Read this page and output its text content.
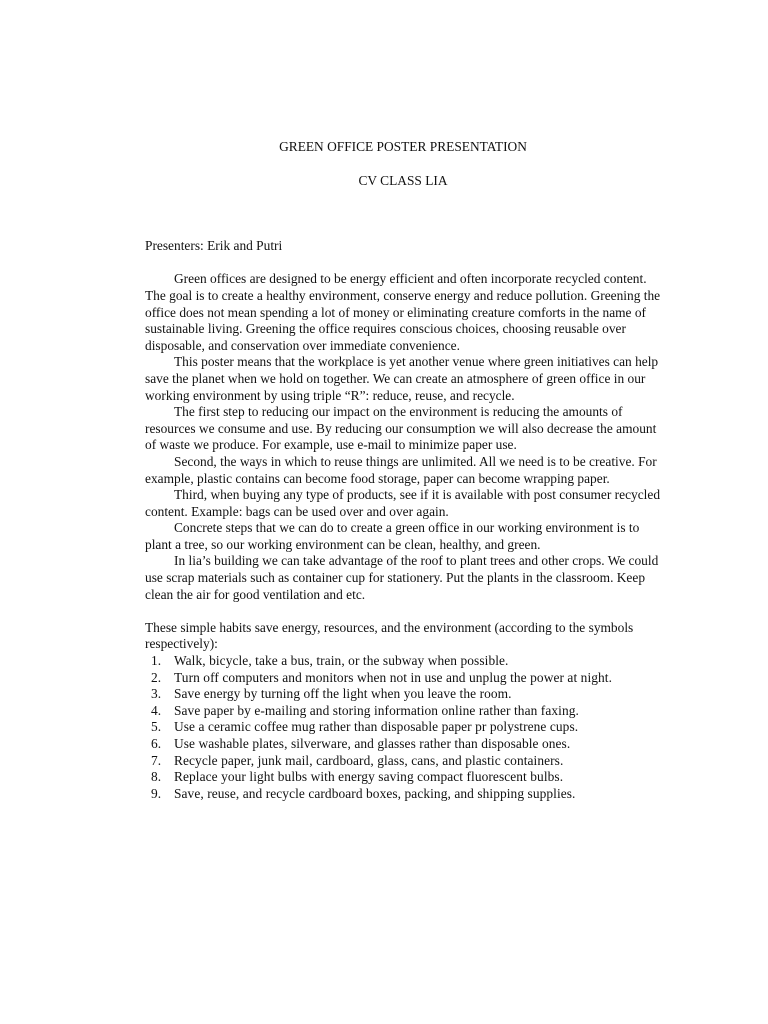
GREEN OFFICE POSTER PRESENTATION

CV CLASS LIA

Presenters: Erik and Putri

Green offices are designed to be energy efficient and often incorporate recycled content. The goal is to create a healthy environment, conserve energy and reduce pollution. Greening the office does not mean spending a lot of money or eliminating creature comforts in the name of sustainable living. Greening the office requires conscious choices, choosing reusable over disposable, and conservation over immediate convenience.

This poster means that the workplace is yet another venue where green initiatives can help save the planet when we hold on together. We can create an atmosphere of green office in our working environment by using triple “R”: reduce, reuse, and recycle.

The first step to reducing our impact on the environment is reducing the amounts of resources we consume and use. By reducing our consumption we will also decrease the amount of waste we produce. For example, use e-mail to minimize paper use.

Second, the ways in which to reuse things are unlimited. All we need is to be creative. For example, plastic contains can become food storage, paper can become wrapping paper.

Third, when buying any type of products, see if it is available with post consumer recycled content. Example: bags can be used over and over again.

Concrete steps that we can do to create a green office in our working environment is to plant a tree, so our working environment can be clean, healthy, and green.

In lia’s building we can take advantage of the roof to plant trees and other crops. We could use scrap materials such as container cup for stationery. Put the plants in the classroom. Keep clean the air for good ventilation and etc.

These simple habits save energy, resources, and the environment (according to the symbols respectively):

1. Walk, bicycle, take a bus, train, or the subway when possible.
2. Turn off computers and monitors when not in use and unplug the power at night.
3. Save energy by turning off the light when you leave the room.
4. Save paper by e-mailing and storing information online rather than faxing.
5. Use a ceramic coffee mug rather than disposable paper pr polystrene cups.
6. Use washable plates, silverware, and glasses rather than disposable ones.
7. Recycle paper, junk mail, cardboard, glass, cans, and plastic containers.
8. Replace your light bulbs with energy saving compact fluorescent bulbs.
9. Save, reuse, and recycle cardboard boxes, packing, and shipping supplies.
